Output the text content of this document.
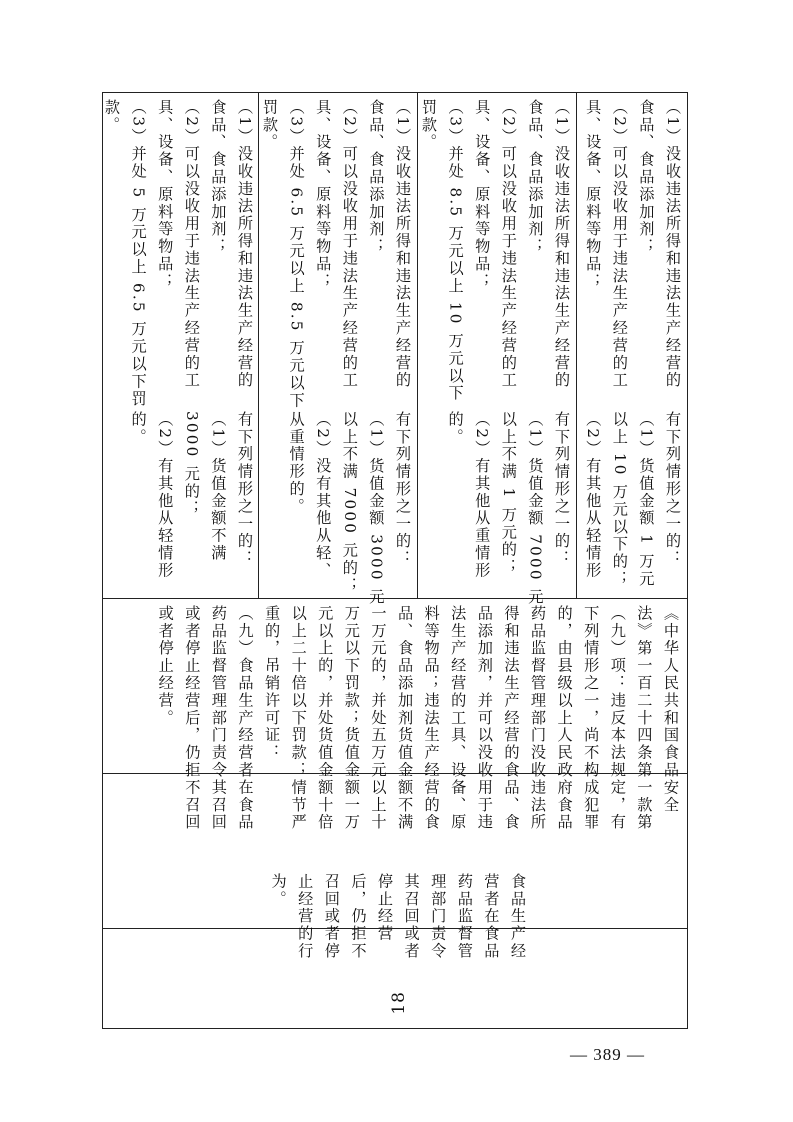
（1）没收违法所得和违法生产经营的
食品、食品添加剂；
（2）可以没收用于违法生产经营的工
具、设备、原料等物品；
（3）并处 5 万元以上 6.5 万元以下罚
款。
有下列情形之一的：
（1）货值金额不满
3000 元的；
（2）有其他从轻情形
的。
（1）没收违法所得和违法生产经营的
食品、食品添加剂；
（2）可以没收用于违法生产经营的工
具、设备、原料等物品；
（3）并处 6.5 万元以上 8.5 万元以下
罚款。
有下列情形之一的：
（1）货值金额 3000 元
以上不满 7000 元的；
（2）没有其他从轻、
从重情形的。
（1）没收违法所得和违法生产经营的
食品、食品添加剂；
（2）可以没收用于违法生产经营的工
具、设备、原料等物品；
（3）并处 8.5 万元以上 10 万元以下
罚款。
有下列情形之一的：
（1）货值金额 7000 元
以上不满 1 万元的；
（2）有其他从重情形
的。
（1）没收违法所得和违法生产经营的
食品、食品添加剂；
（2）可以没收用于违法生产经营的工
具、设备、原料等物品；
有下列情形之一的：
（1）货值金额 1 万元
以上 10 万元以下的；
（2）有其他从轻情形
《中华人民共和国食品安全
法》第一百二十四条第一款第
（九）项：违反本法规定，有
下列情形之一，尚不构成犯罪
的，由县级以上人民政府食品
药品监督管理部门没收违法所
得和违法生产经营的食品、食
品添加剂，并可以没收用于违
法生产经营的工具、设备、原
料等物品；违法生产经营的食
品、食品添加剂货值金额不满
一万元的，并处五万元以上十
万元以下罚款；货值金额一万
元以上的，并处货值金额十倍
以上二十倍以下罚款；情节严
重的，吊销许可证：
（九）食品生产经营者在食品
药品监督管理部门责令其召回
或者停止经营后，仍拒不召回
或者停止经营。
食品生产经
营者在食品
药品监督管
理部门责令
其召回或者
停止经营
后，仍拒不
召回或者停
止经营的行
为。
18
— 389 —
